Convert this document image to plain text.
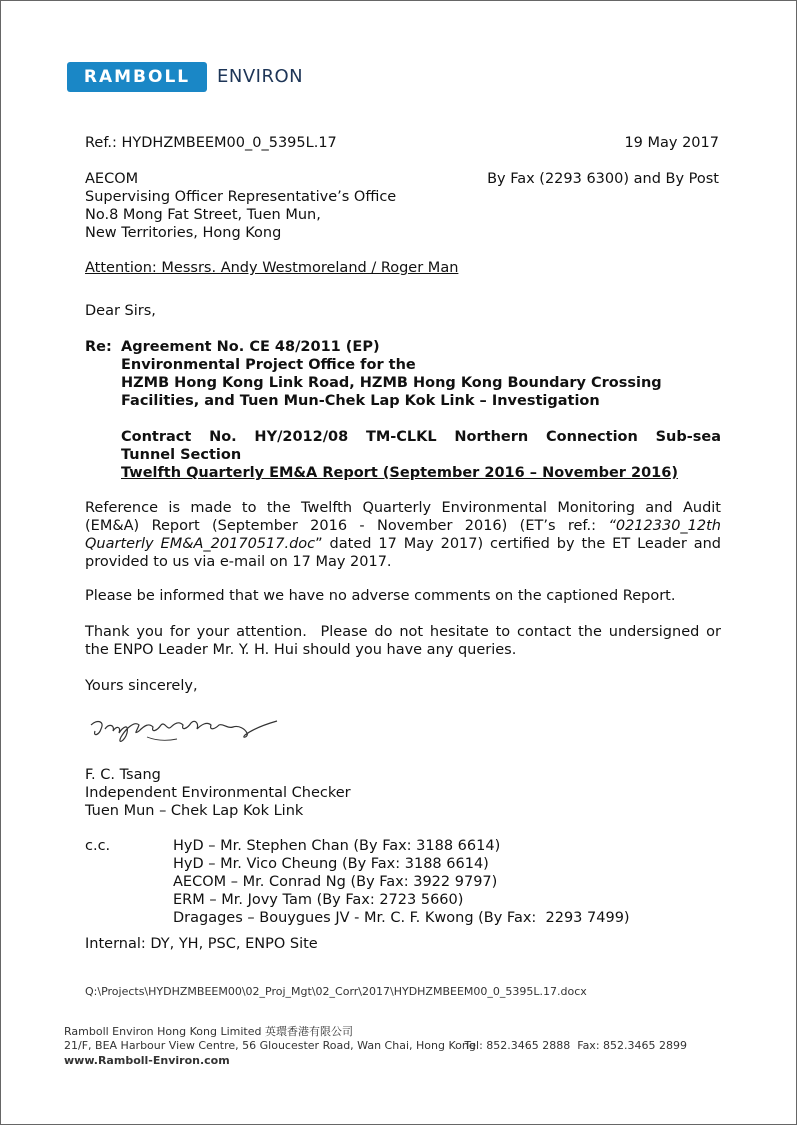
RAMBOLL	ENVIRON
Ref.: HYDHZMBEEM00_0_5395L.17	19 May 2017
AECOM
Supervising Officer Representative’s Office
No.8 Mong Fat Street, Tuen Mun,
New Territories, Hong Kong
By Fax (2293 6300) and By Post
Attention: Messrs. Andy Westmoreland / Roger Man
Dear Sirs,
Re: Agreement No. CE 48/2011 (EP)
Environmental Project Office for the
HZMB Hong Kong Link Road, HZMB Hong Kong Boundary Crossing
Facilities, and Tuen Mun-Chek Lap Kok Link – Investigation
Contract  No.  HY/2012/08  TM-CLKL  Northern  Connection  Sub-sea
Tunnel Section
Twelfth Quarterly EM&A Report (September 2016 – November 2016)
Reference is made to the Twelfth Quarterly Environmental Monitoring and Audit
(EM&A) Report (September 2016 - November 2016) (ET’s ref.: “0212330_12th
Quarterly EM&A_20170517.doc” dated 17 May 2017) certified by the ET Leader and
provided to us via e-mail on 17 May 2017.
Please be informed that we have no adverse comments on the captioned Report.
Thank you for your attention.  Please do not hesitate to contact the undersigned or
the ENPO Leader Mr. Y. H. Hui should you have any queries.
Yours sincerely,
F. C. Tsang
Independent Environmental Checker
Tuen Mun – Chek Lap Kok Link
c.c.	HyD – Mr. Stephen Chan (By Fax: 3188 6614)
HyD – Mr. Vico Cheung (By Fax: 3188 6614)
AECOM – Mr. Conrad Ng (By Fax: 3922 9797)
ERM – Mr. Jovy Tam (By Fax: 2723 5660)
Dragages – Bouygues JV - Mr. C. F. Kwong (By Fax:  2293 7499)
Internal: DY, YH, PSC, ENPO Site
Q:\Projects\HYDHZMBEEM00\02_Proj_Mgt\02_Corr\2017\HYDHZMBEEM00_0_5395L.17.docx
Ramboll Environ Hong Kong Limited 英環香港有限公司
21/F, BEA Harbour View Centre, 56 Gloucester Road, Wan Chai, Hong Kong
Tel: 852.3465 2888 Fax: 852.3465 2899
www.Ramboll-Environ.com
